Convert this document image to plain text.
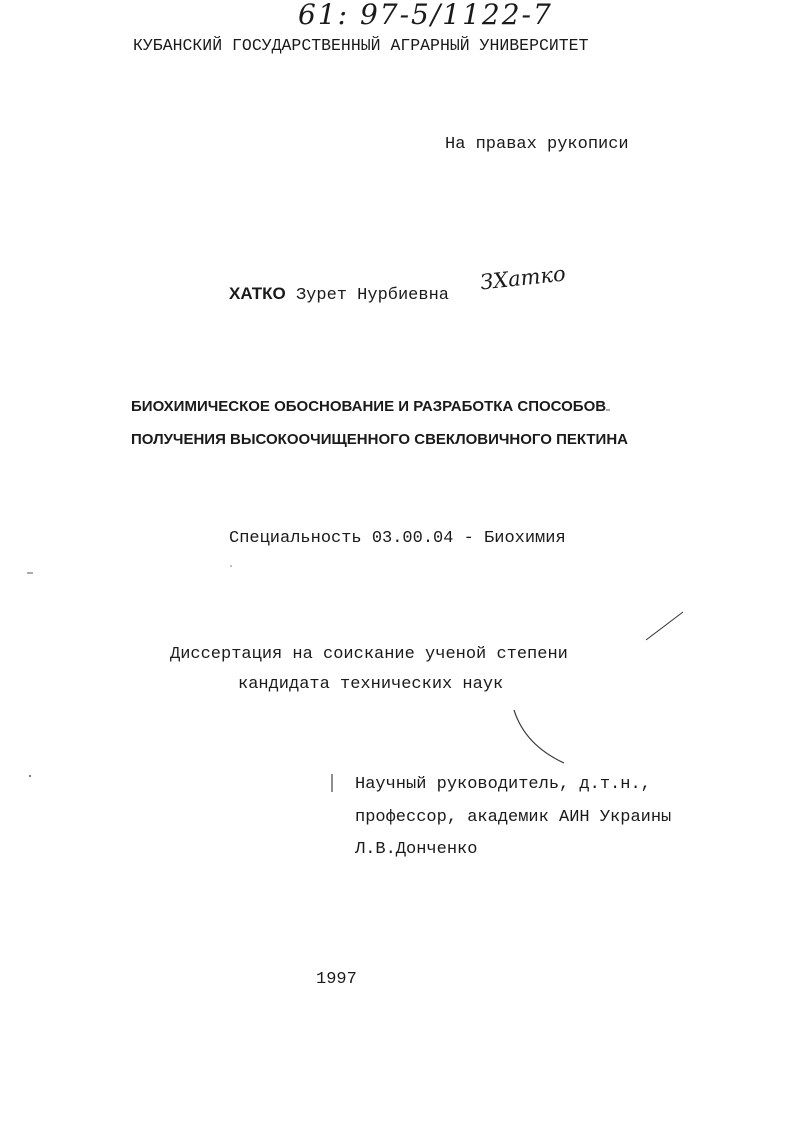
61: 97-5/1122-7
КУБАНСКИЙ ГОСУДАРСТВЕННЫЙ АГРАРНЫЙ УНИВЕРСИТЕТ
На правах рукописи
ХАТКО Зурет Нурбиевна
ЗХатко
БИОХИМИЧЕСКОЕ ОБОСНОВАНИЕ И РАЗРАБОТКА СПОСОБОВ
ПОЛУЧЕНИЯ ВЫСОКООЧИЩЕННОГО СВЕКЛОВИЧНОГО ПЕКТИНА
Специальность 03.00.04 - Биохимия
Диссертация на соискание ученой степени
кандидата технических наук
Научный руководитель, д.т.н.,
профессор, академик АИН Украины
Л.В.Донченко
1997
